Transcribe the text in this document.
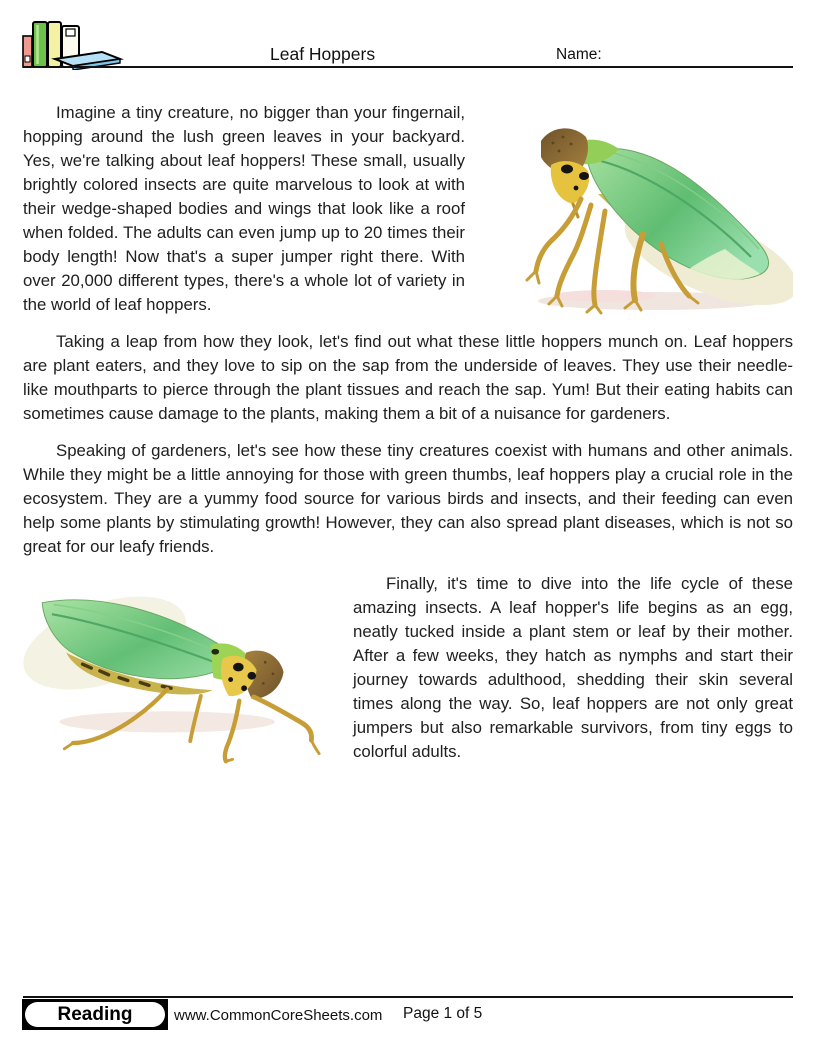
Leaf Hoppers	Name:

Imagine a tiny creature, no bigger than your fingernail, hopping around the lush green leaves in your backyard. Yes, we're talking about leaf hoppers! These small, usually brightly colored insects are quite marvelous to look at with their wedge-shaped bodies and wings that look like a roof when folded. The adults can even jump up to 20 times their body length! Now that's a super jumper right there. With over 20,000 different types, there's a whole lot of variety in the world of leaf hoppers.

Taking a leap from how they look, let's find out what these little hoppers munch on. Leaf hoppers are plant eaters, and they love to sip on the sap from the underside of leaves. They use their needle-like mouthparts to pierce through the plant tissues and reach the sap. Yum! But their eating habits can sometimes cause damage to the plants, making them a bit of a nuisance for gardeners.

Speaking of gardeners, let's see how these tiny creatures coexist with humans and other animals. While they might be a little annoying for those with green thumbs, leaf hoppers play a crucial role in the ecosystem. They are a yummy food source for various birds and insects, and their feeding can even help some plants by stimulating growth! However, they can also spread plant diseases, which is not so great for our leafy friends.

Finally, it's time to dive into the life cycle of these amazing insects. A leaf hopper's life begins as an egg, neatly tucked inside a plant stem or leaf by their mother. After a few weeks, they hatch as nymphs and start their journey towards adulthood, shedding their skin several times along the way. So, leaf hoppers are not only great jumpers but also remarkable survivors, from tiny eggs to colorful adults.

Reading	www.CommonCoreSheets.com Page 1 of 5
